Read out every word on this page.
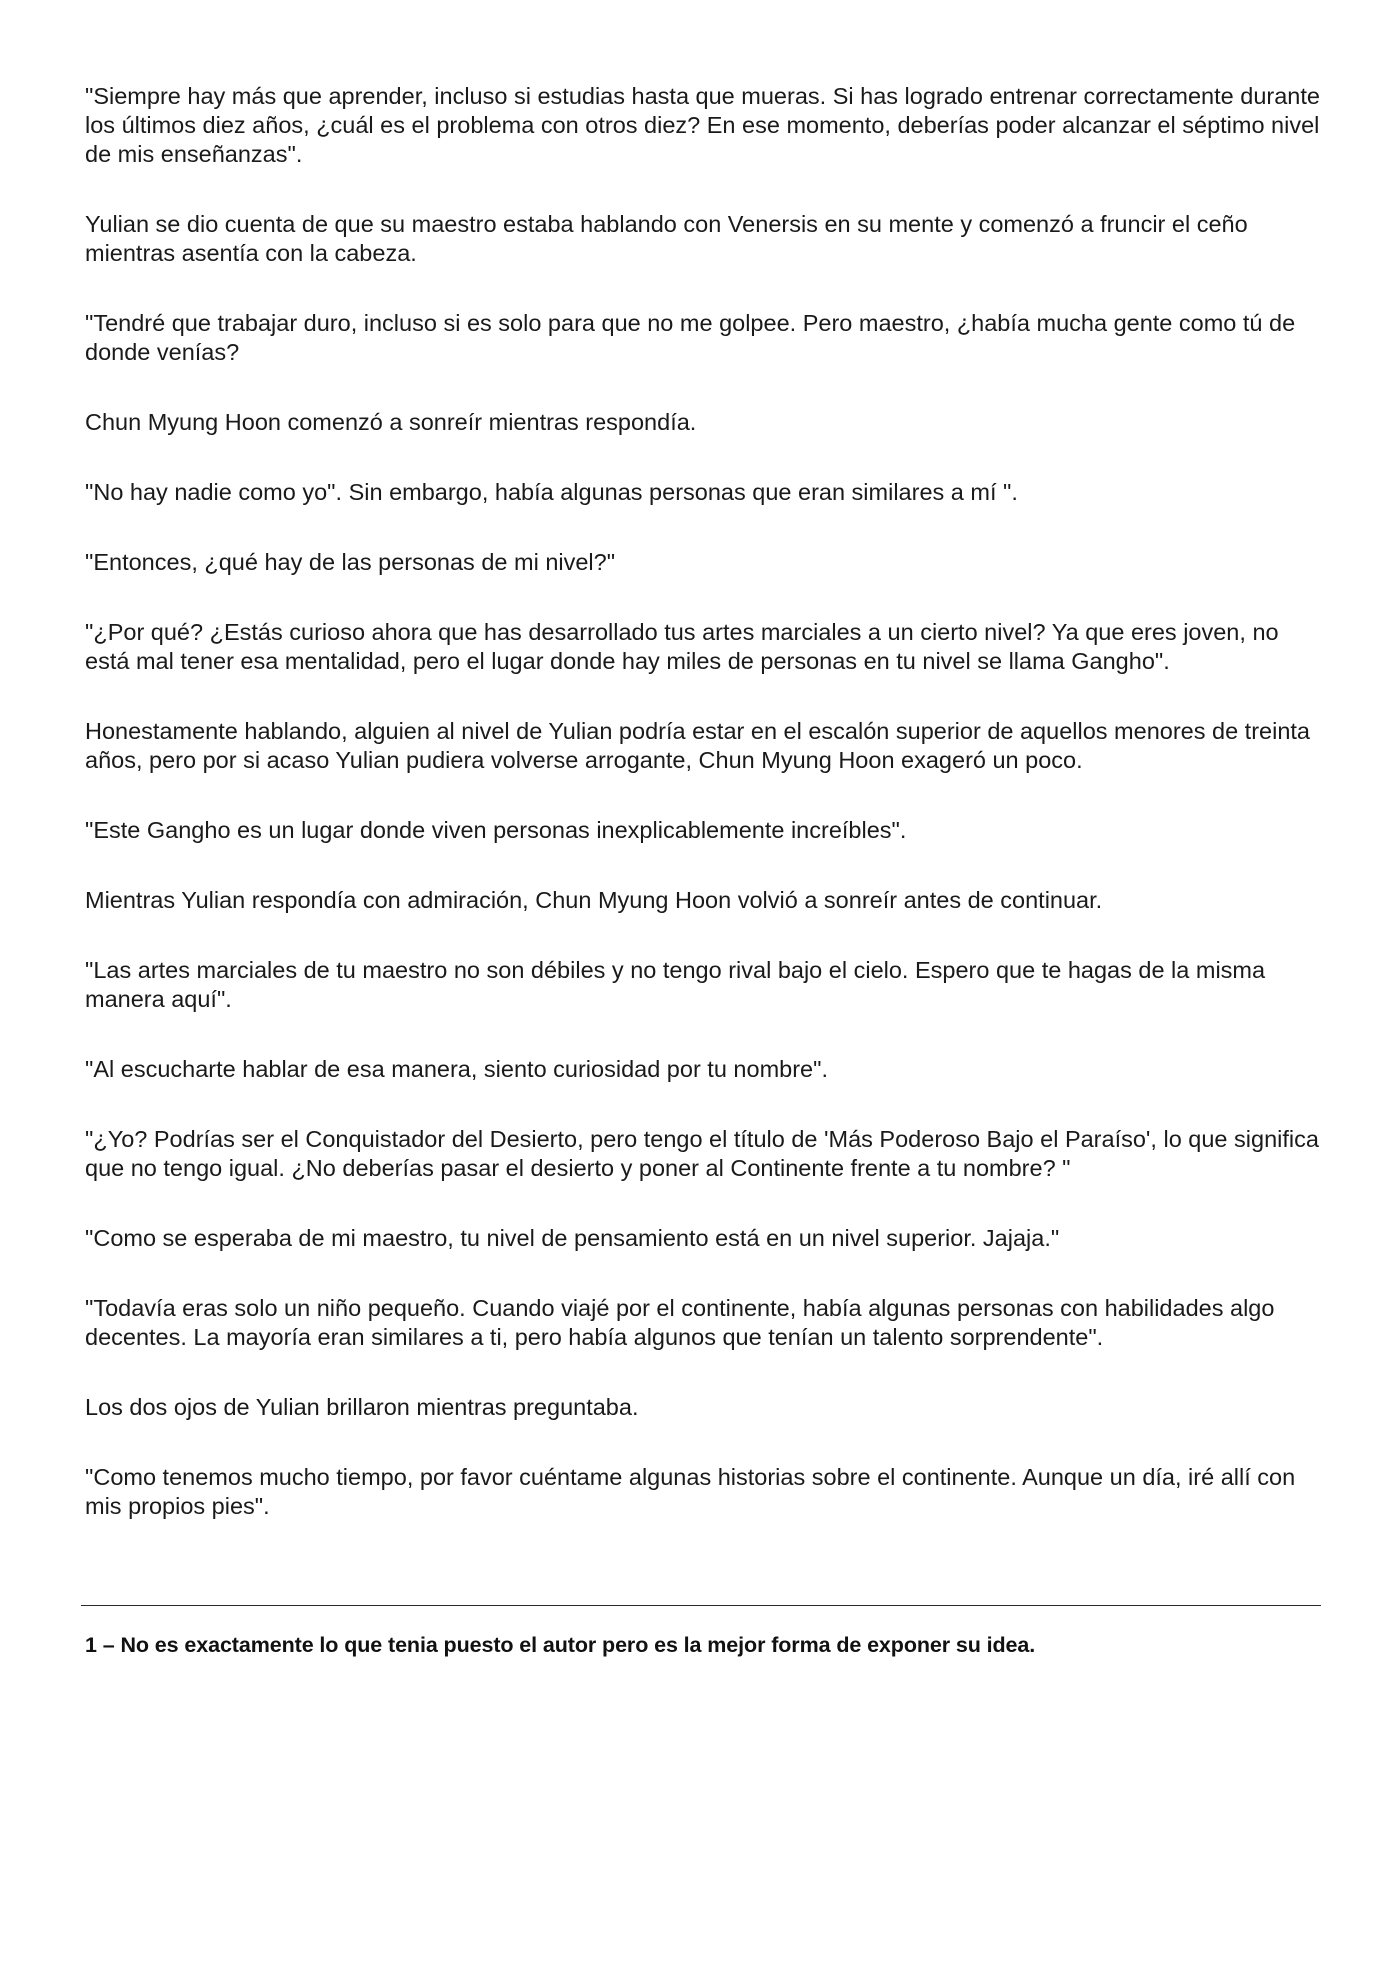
"Siempre hay más que aprender, incluso si estudias hasta que mueras. Si has logrado entrenar correctamente durante los últimos diez años, ¿cuál es el problema con otros diez? En ese momento, deberías poder alcanzar el séptimo nivel de mis enseñanzas".

Yulian se dio cuenta de que su maestro estaba hablando con Venersis en su mente y comenzó a fruncir el ceño mientras asentía con la cabeza.

"Tendré que trabajar duro, incluso si es solo para que no me golpee. Pero maestro, ¿había mucha gente como tú de donde venías?

Chun Myung Hoon comenzó a sonreír mientras respondía.

"No hay nadie como yo". Sin embargo, había algunas personas que eran similares a mí ".

"Entonces, ¿qué hay de las personas de mi nivel?"

"¿Por qué? ¿Estás curioso ahora que has desarrollado tus artes marciales a un cierto nivel? Ya que eres joven, no está mal tener esa mentalidad, pero el lugar donde hay miles de personas en tu nivel se llama Gangho".

Honestamente hablando, alguien al nivel de Yulian podría estar en el escalón superior de aquellos menores de treinta años, pero por si acaso Yulian pudiera volverse arrogante, Chun Myung Hoon exageró un poco.

"Este Gangho es un lugar donde viven personas inexplicablemente increíbles".

Mientras Yulian respondía con admiración, Chun Myung Hoon volvió a sonreír antes de continuar.

"Las artes marciales de tu maestro no son débiles y no tengo rival bajo el cielo. Espero que te hagas de la misma manera aquí".

"Al escucharte hablar de esa manera, siento curiosidad por tu nombre".

"¿Yo? Podrías ser el Conquistador del Desierto, pero tengo el título de 'Más Poderoso Bajo el Paraíso', lo que significa que no tengo igual. ¿No deberías pasar el desierto y poner al Continente frente a tu nombre? "

"Como se esperaba de mi maestro, tu nivel de pensamiento está en un nivel superior. Jajaja."

"Todavía eras solo un niño pequeño. Cuando viajé por el continente, había algunas personas con habilidades algo decentes. La mayoría eran similares a ti, pero había algunos que tenían un talento sorprendente".

Los dos ojos de Yulian brillaron mientras preguntaba.

"Como tenemos mucho tiempo, por favor cuéntame algunas historias sobre el continente. Aunque un día, iré allí con mis propios pies".

1 – No es exactamente lo que tenia puesto el autor pero es la mejor forma de exponer su idea.
